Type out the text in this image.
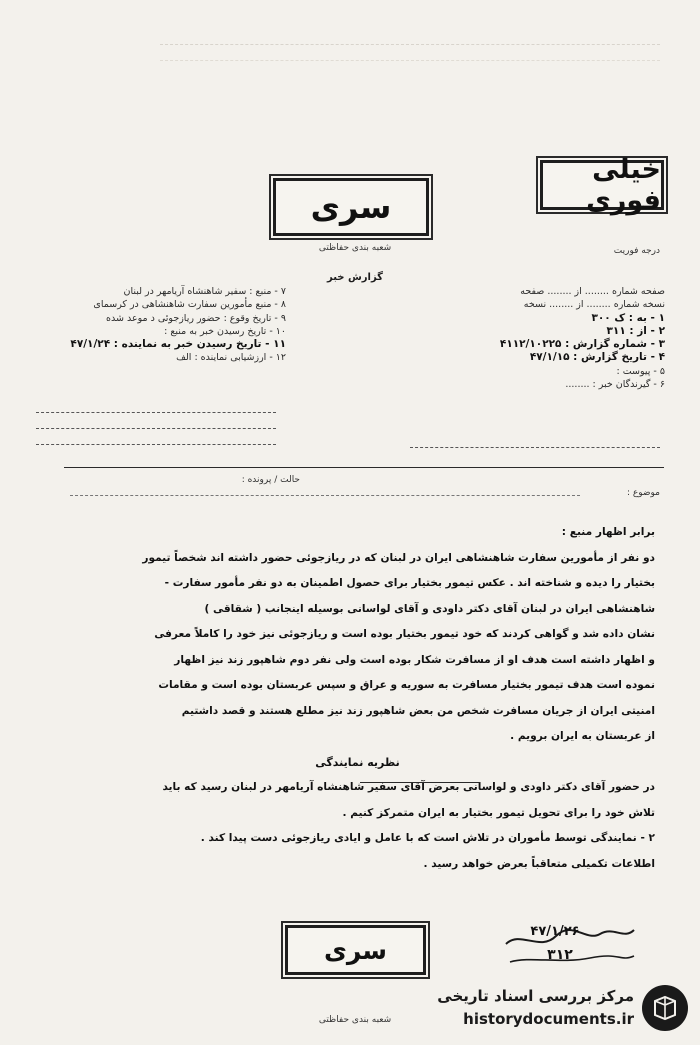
سری
شعبه بندی حفاظتی
گزارش خبر
خیلی فوری
درجه فوریت
۷ - منبع : سفیر شاهنشاه آریامهر در لبنان
۸ - منبع مأمورین سفارت شاهنشاهی در کرسمای
۹ - تاریخ وقوع : حضور ریازجوئی د موعد شده
۱۰ - تاریخ رسیدن خبر به منبع :
۱۱ - تاریخ رسیدن خبر به نماینده : ۴۷/۱/۲۴
۱۲ - ارزشیابی نماینده : الف
صفحه شماره ........ از ........ صفحه
نسخه شماره ........ از ........ نسخه
۱ - به : ک ۳۰۰
۲ - از : ۳۱۱
۳ - شماره گزارش : ۴۱۱۲/۱۰۲۲۵
۴ - تاریخ گزارش : ۴۷/۱/۱۵
۵ - پیوست :
۶ - گیرندگان خبر : ........
حالت / پرونده :
موضوع :

برابر اظهار منبع :

دو نفر از مأمورین سفارت شاهنشاهی ایران در لبنان که در ریازجوئی حضور داشته اند شخصاً تیمور

بختیار را دیده و شناخته اند . عکس تیمور بختیار برای حصول اطمینان به دو نفر مأمور سفارت -

شاهنشاهی ایران در لبنان آقای دکتر داودی و آقای لواسانی بوسیله اینجانب ( شقاقی )

نشان داده شد و گواهی کردند که خود تیمور بختیار بوده است و ریازجوئی نیز خود را کاملاً معرفی

و اظهار داشته است هدف او از مسافرت شکار بوده است ولی نفر دوم شاهپور زند نیز اظهار

نموده است هدف تیمور بختیار مسافرت به سوریه و عراق و سپس عربستان بوده است و مقامات

امنیتی ایران از جریان مسافرت شخص من بعض شاهپور زند نیز مطلع هستند و قصد داشتیم

از عربستان به ایران برویم .

نظریه نمایندگی

در حضور آقای دکتر داودی و لواسانی بعرض آقای سفیر شاهنشاه آریامهر در لبنان رسید که باید

تلاش خود را برای تحویل تیمور بختیار به ایران متمرکز کنیم .

۲ - نمایندگی توسط مأموران در تلاش است که با عامل و ایادی ریازجوئی دست پیدا کند .

اطلاعات تکمیلی متعاقباً بعرض خواهد رسید .

۴۷/۱/۲۶
۳۱۲
سری
شعبه بندی حفاظتی
مرکز بررسی اسناد تاریخی
historydocuments.ir
